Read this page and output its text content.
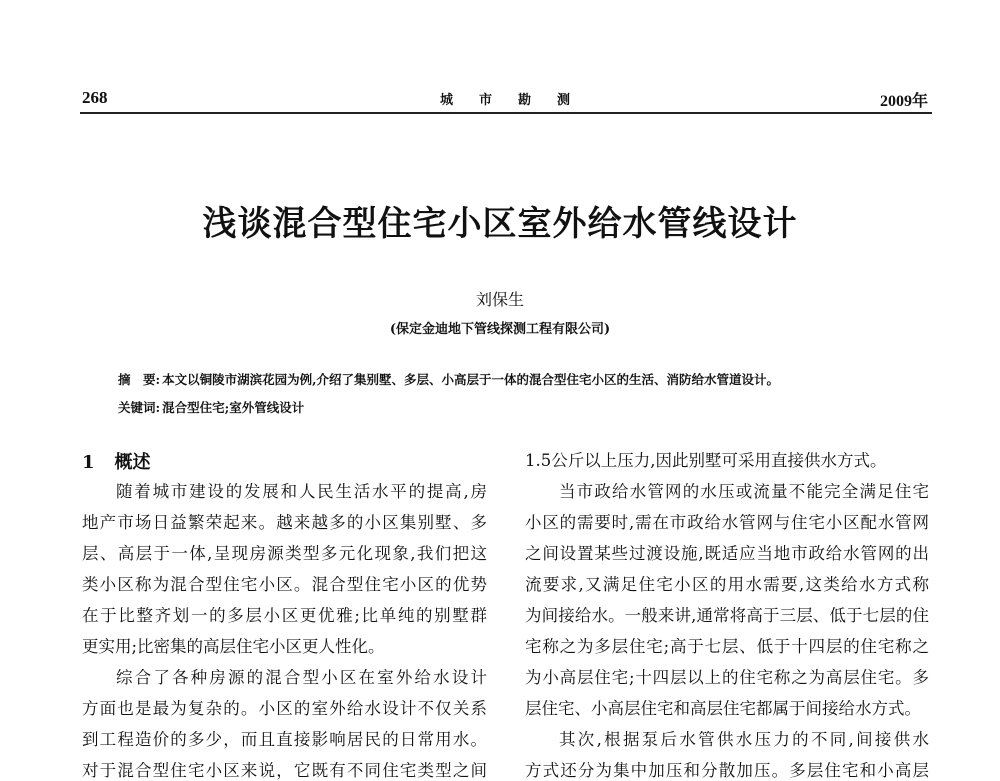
268	城 市 勘 测	2009年
浅谈混合型住宅小区室外给水管线设计
刘保生
(保定金迪地下管线探测工程有限公司)
摘　要: 本文以铜陵市湖滨花园为例,介绍了集别墅、多层、小高层于一体的混合型住宅小区的生活、消防给水管道设计。
关键词: 混合型住宅;室外管线设计
1 概述
随着城市建设的发展和人民生活水平的提高,房
地产市场日益繁荣起来。越来越多的小区集别墅、多
层、高层于一体,呈现房源类型多元化现象,我们把这
类小区称为混合型住宅小区。混合型住宅小区的优势
在于比整齐划一的多层小区更优雅;比单纯的别墅群
更实用;比密集的高层住宅小区更人性化。
综合了各种房源的混合型小区在室外给水设计
方面也是最为复杂的。小区的室外给水设计不仅关系
到工程造价的多少，而且直接影响居民的日常用水。
对于混合型住宅小区来说，它既有不同住宅类型之间
1.5公斤以上压力,因此别墅可采用直接供水方式。
当市政给水管网的水压或流量不能完全满足住宅
小区的需要时,需在市政给水管网与住宅小区配水管网
之间设置某些过渡设施,既适应当地市政给水管网的出
流要求,又满足住宅小区的用水需要,这类给水方式称
为间接给水。一般来讲,通常将高于三层、低于七层的住
宅称之为多层住宅;高于七层、低于十四层的住宅称之
为小高层住宅;十四层以上的住宅称之为高层住宅。多
层住宅、小高层住宅和高层住宅都属于间接给水方式。
其次,根据泵后水管供水压力的不同,间接供水
方式还分为集中加压和分散加压。多层住宅和小高层
